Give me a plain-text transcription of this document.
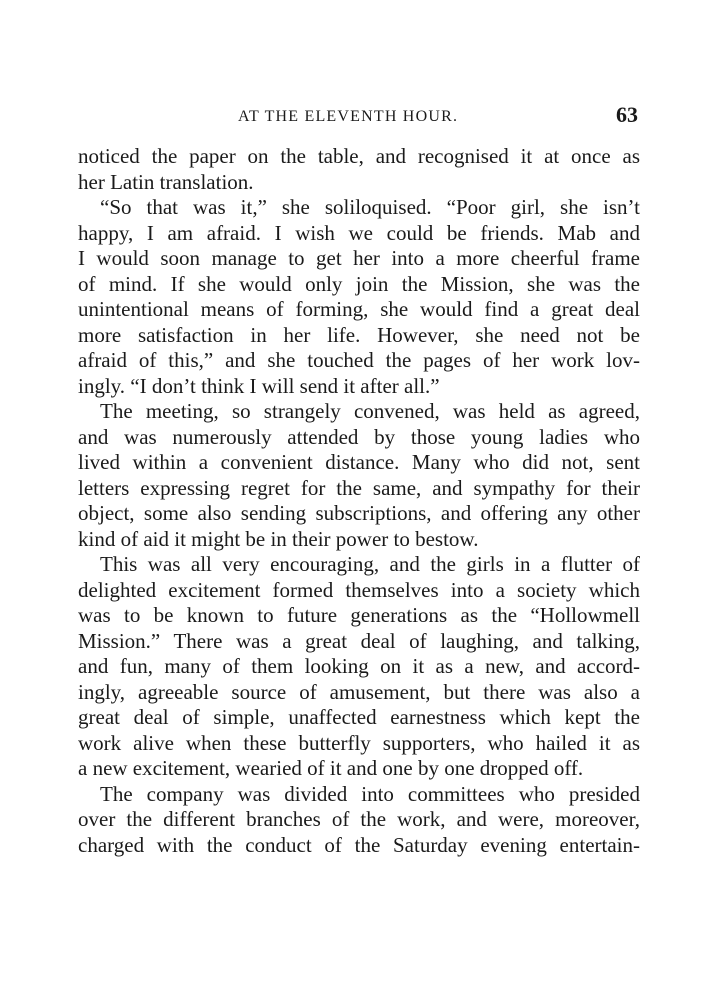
AT THE ELEVENTH HOUR.	63
noticed the paper on the table, and recognised it at once as
her Latin translation.
“So that was it,” she soliloquised. “Poor girl, she isn’t
happy, I am afraid. I wish we could be friends. Mab and
I would soon manage to get her into a more cheerful frame
of mind. If she would only join the Mission, she was the
unintentional means of forming, she would find a great deal
more satisfaction in her life. However, she need not be
afraid of this,” and she touched the pages of her work lov-
ingly. “I don’t think I will send it after all.”
The meeting, so strangely convened, was held as agreed,
and was numerously attended by those young ladies who
lived within a convenient distance. Many who did not, sent
letters expressing regret for the same, and sympathy for their
object, some also sending subscriptions, and offering any other
kind of aid it might be in their power to bestow.
This was all very encouraging, and the girls in a flutter of
delighted excitement formed themselves into a society which
was to be known to future generations as the “Hollowmell
Mission.” There was a great deal of laughing, and talking,
and fun, many of them looking on it as a new, and accord-
ingly, agreeable source of amusement, but there was also a
great deal of simple, unaffected earnestness which kept the
work alive when these butterfly supporters, who hailed it as
a new excitement, wearied of it and one by one dropped off.
The company was divided into committees who presided
over the different branches of the work, and were, moreover,
charged with the conduct of the Saturday evening entertain-
